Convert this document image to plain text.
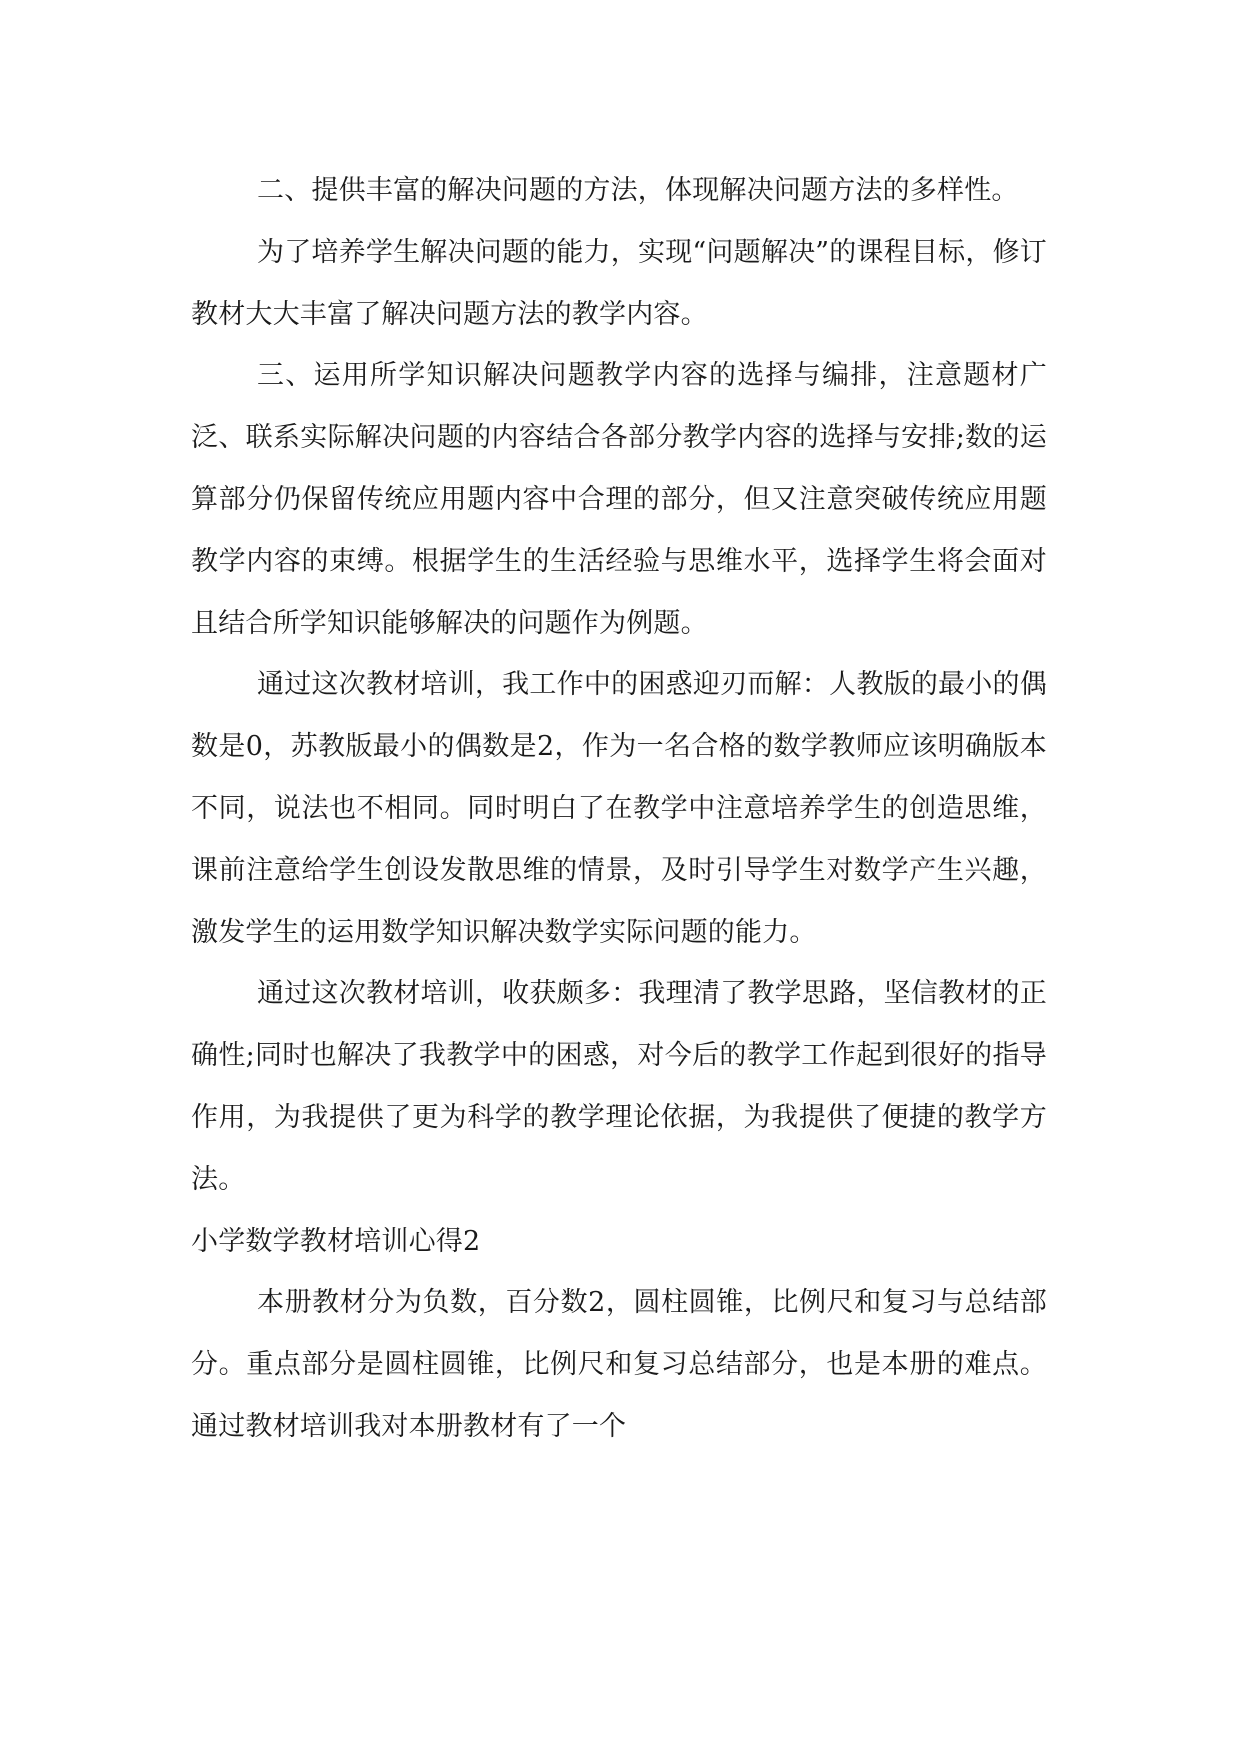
二、提供丰富的解决问题的方法，体现解决问题方法的多样性。

为了培养学生解决问题的能力，实现“问题解决”的课程目标，修订教材大大丰富了解决问题方法的教学内容。

三、运用所学知识解决问题教学内容的选择与编排，注意题材广泛、联系实际解决问题的内容结合各部分教学内容的选择与安排;数的运算部分仍保留传统应用题内容中合理的部分，但又注意突破传统应用题教学内容的束缚。根据学生的生活经验与思维水平，选择学生将会面对且结合所学知识能够解决的问题作为例题。

通过这次教材培训，我工作中的困惑迎刃而解：人教版的最小的偶数是0，苏教版最小的偶数是2，作为一名合格的数学教师应该明确版本不同，说法也不相同。同时明白了在教学中注意培养学生的创造思维，课前注意给学生创设发散思维的情景，及时引导学生对数学产生兴趣，激发学生的运用数学知识解决数学实际问题的能力。

通过这次教材培训，收获颇多：我理清了教学思路，坚信教材的正确性;同时也解决了我教学中的困惑，对今后的教学工作起到很好的指导作用，为我提供了更为科学的教学理论依据，为我提供了便捷的教学方法。

小学数学教材培训心得2

本册教材分为负数，百分数2，圆柱圆锥，比例尺和复习与总结部分。重点部分是圆柱圆锥，比例尺和复习总结部分，也是本册的难点。通过教材培训我对本册教材有了一个
